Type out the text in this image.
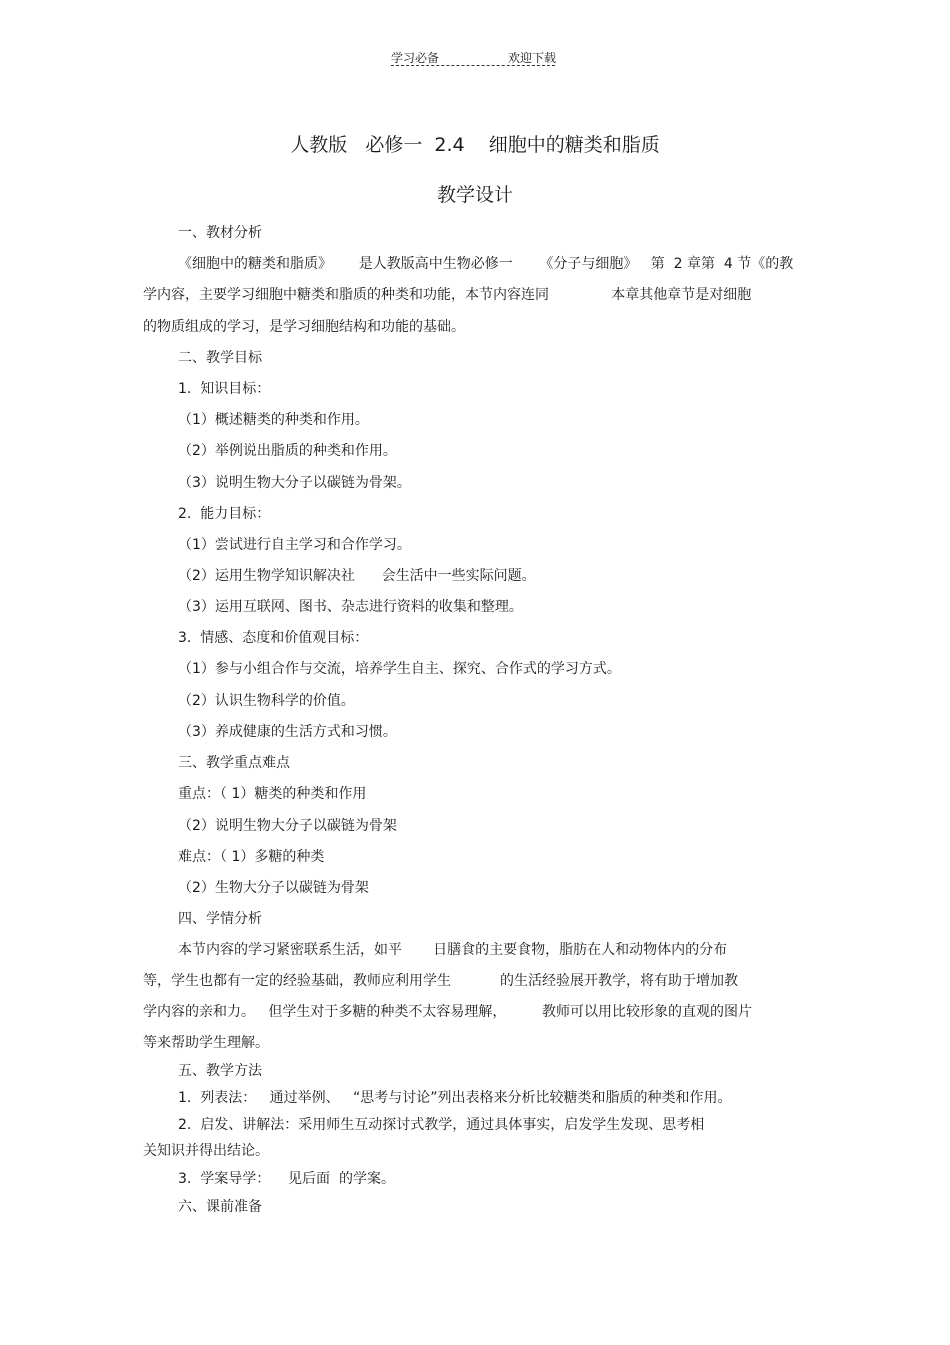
学习必备	欢迎下载
人教版   必修一  2.4    细胞中的糖类和脂质
教学设计
一、教材分析
《细胞中的糖类和脂质》      是人教版高中生物必修一      《分子与细胞》   第  2 章第  4 节《的教
学内容，主要学习细胞中糖类和脂质的种类和功能，本节内容连同              本章其他章节是对细胞
的物质组成的学习，是学习细胞结构和功能的基础。
二、教学目标
1.  知识目标：
（1）概述糖类的种类和作用。
（2）举例说出脂质的种类和作用。
（3）说明生物大分子以碳链为骨架。
2.  能力目标：
（1）尝试进行自主学习和合作学习。
（2）运用生物学知识解决社      会生活中一些实际问题。
（3）运用互联网、图书、杂志进行资料的收集和整理。
3.  情感、态度和价值观目标：
（1）参与小组合作与交流，培养学生自主、探究、合作式的学习方式。
（2）认识生物科学的价值。
（3）养成健康的生活方式和习惯。
三、教学重点难点
重点：（ 1）糖类的种类和作用
（2）说明生物大分子以碳链为骨架
难点：（ 1）多糖的种类
（2）生物大分子以碳链为骨架
四、学情分析
本节内容的学习紧密联系生活，如平       日膳食的主要食物，脂肪在人和动物体内的分布
等，学生也都有一定的经验基础，教师应利用学生           的生活经验展开教学，将有助于增加教
学内容的亲和力。   但学生对于多糖的种类不太容易理解，        教师可以用比较形象的直观的图片
等来帮助学生理解。
五、教学方法
1.  列表法：   通过举例、   “思考与讨论”列出表格来分析比较糖类和脂质的种类和作用。
2.  启发、讲解法：采用师生互动探讨式教学，通过具体事实，启发学生发现、思考相
关知识并得出结论。
3.  学案导学：    见后面  的学案。
六、课前准备
